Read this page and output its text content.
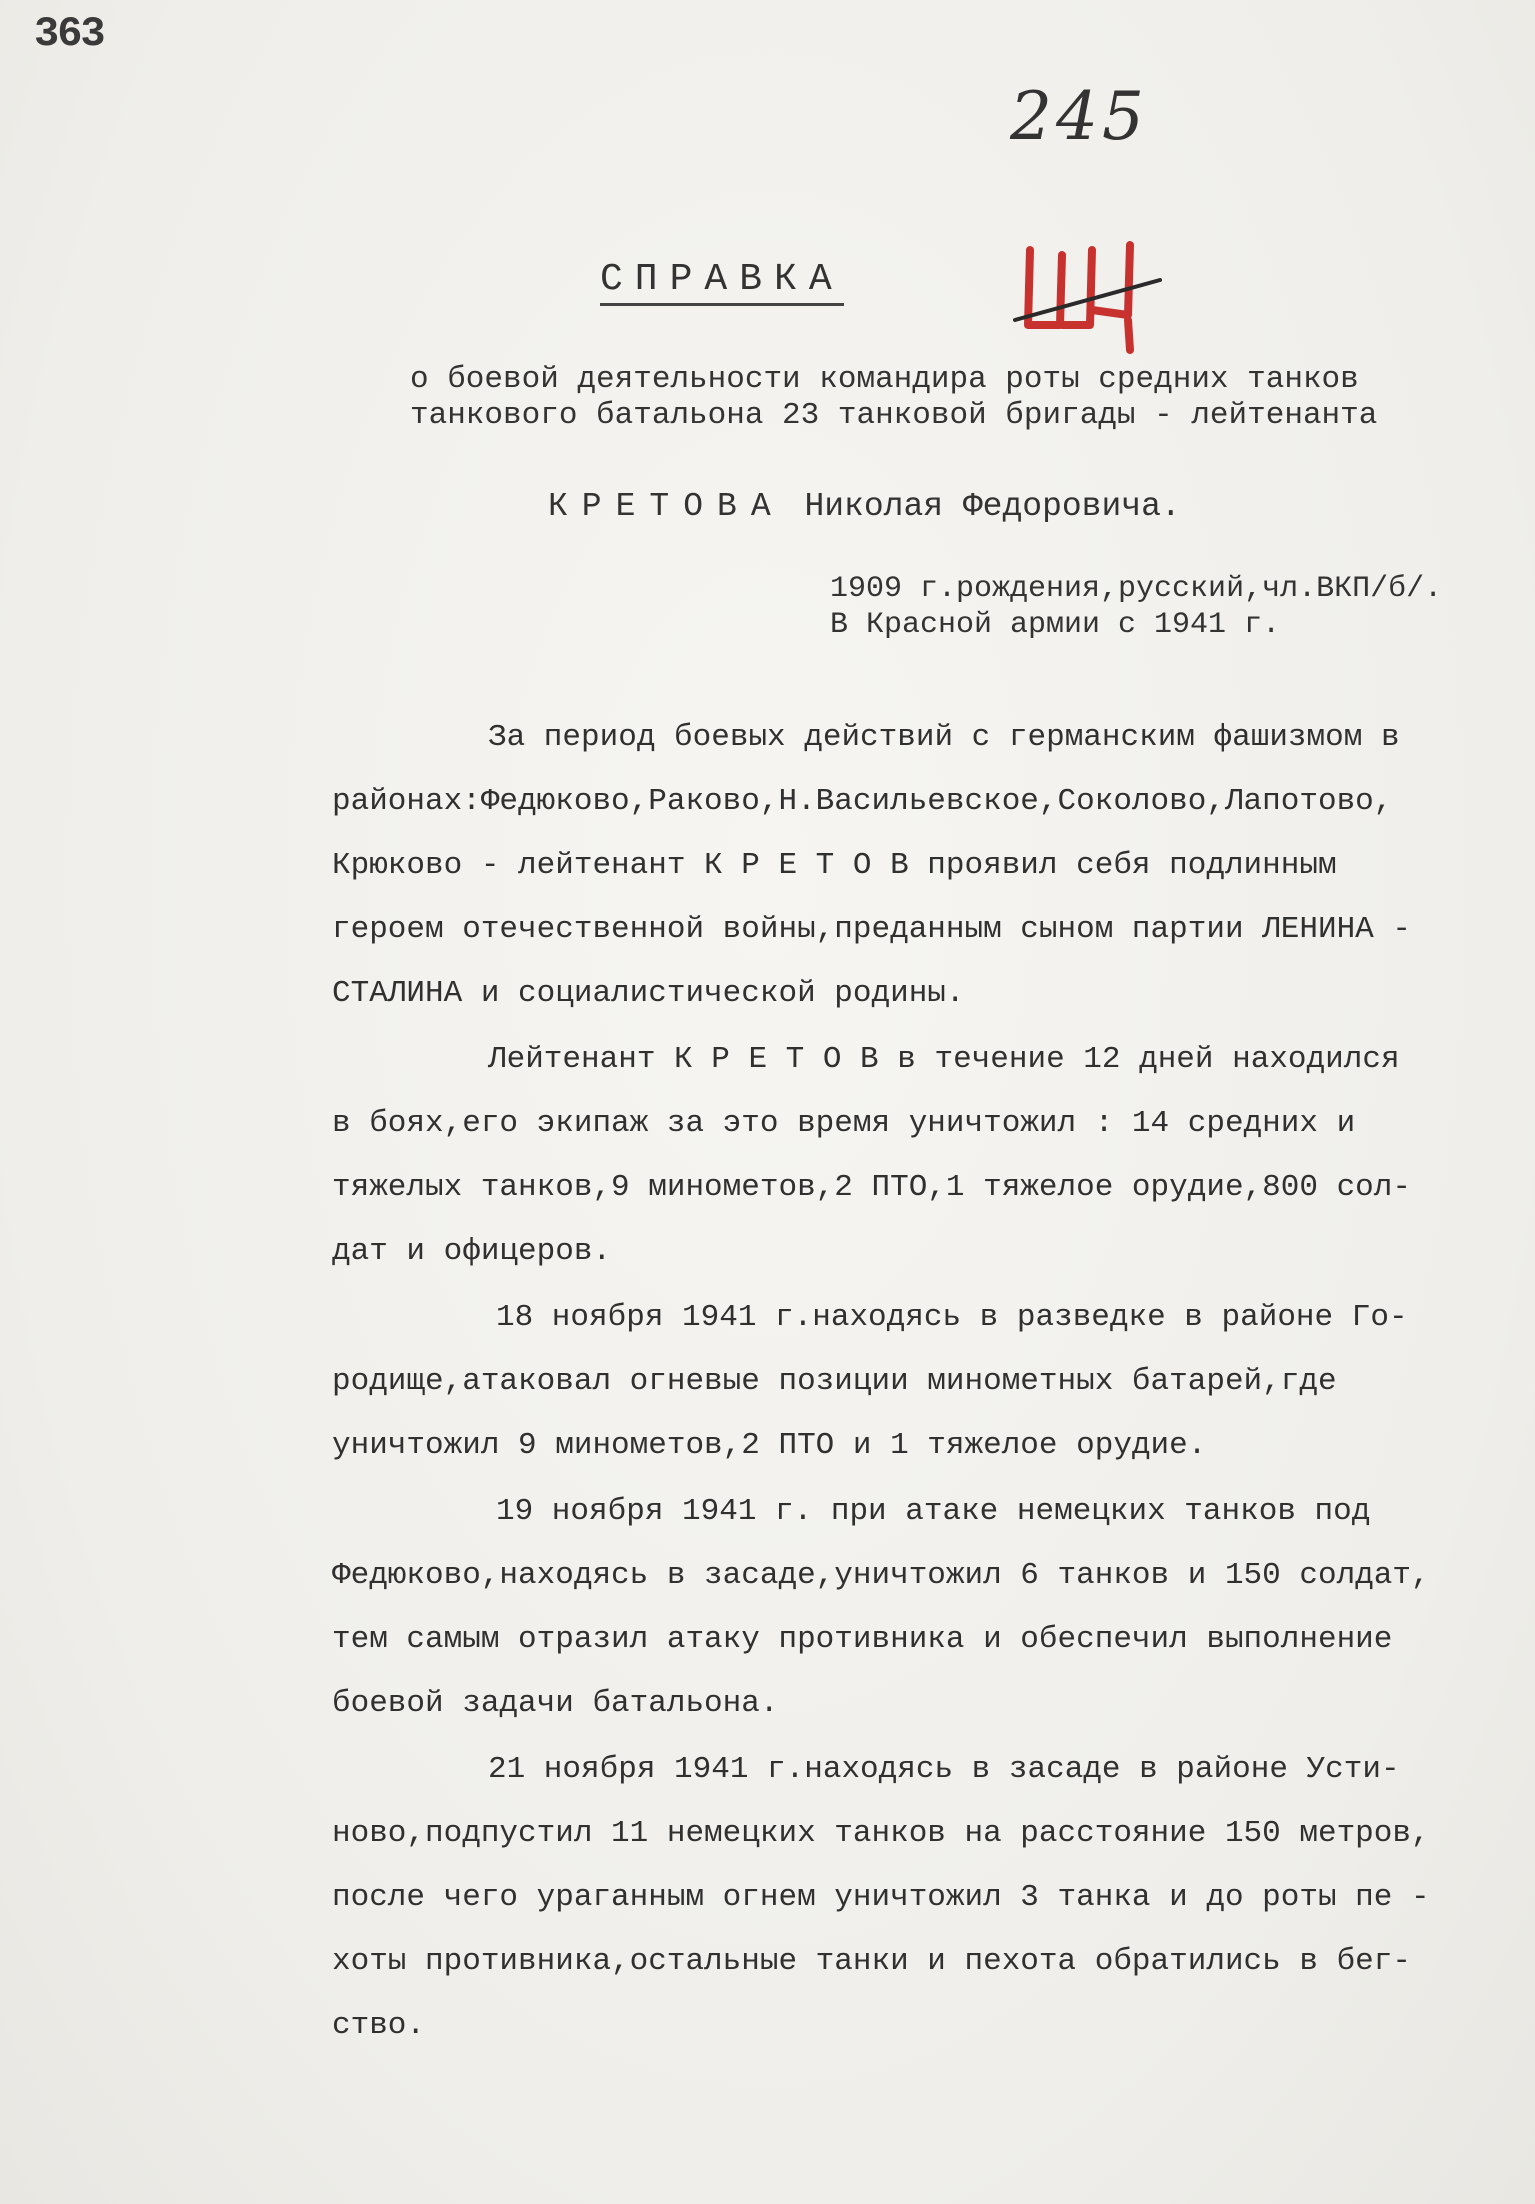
363
245
СПРАВКА
о боевой деятельности командира роты средних танков
танкового батальона 23 танковой бригады - лейтенанта
КРЕТОВА Николая Федоровича.
1909 г.рождения,русский,чл.ВКП/б/.
В Красной армии с 1941 г.
За период боевых действий с германским фашизмом в
районах:Федюково,Раково,Н.Васильевское,Соколово,Лапотово,
Крюково - лейтенант К Р Е Т О В проявил себя подлинным
героем отечественной войны,преданным сыном партии ЛЕНИНА -
СТАЛИНА и социалистической родины.
Лейтенант К Р Е Т О В в течение 12 дней находился
в боях,его экипаж за это время уничтожил : 14 средних и
тяжелых танков,9 минометов,2 ПТО,1 тяжелое орудие,800 сол-
дат и офицеров.
18 ноября 1941 г.находясь в разведке в районе Го-
родище,атаковал огневые позиции минометных батарей,где
уничтожил 9 минометов,2 ПТО и 1 тяжелое орудие.
19 ноября 1941 г. при атаке немецких танков под
Федюково,находясь в засаде,уничтожил 6 танков и 150 солдат,
тем самым отразил атаку противника и обеспечил выполнение
боевой задачи батальона.
21 ноября 1941 г.находясь в засаде в районе Усти-
ново,подпустил 11 немецких танков на расстояние 150 метров,
после чего ураганным огнем уничтожил 3 танка и до роты пе -
хоты противника,остальные танки и пехота обратились в бег-
ство.
